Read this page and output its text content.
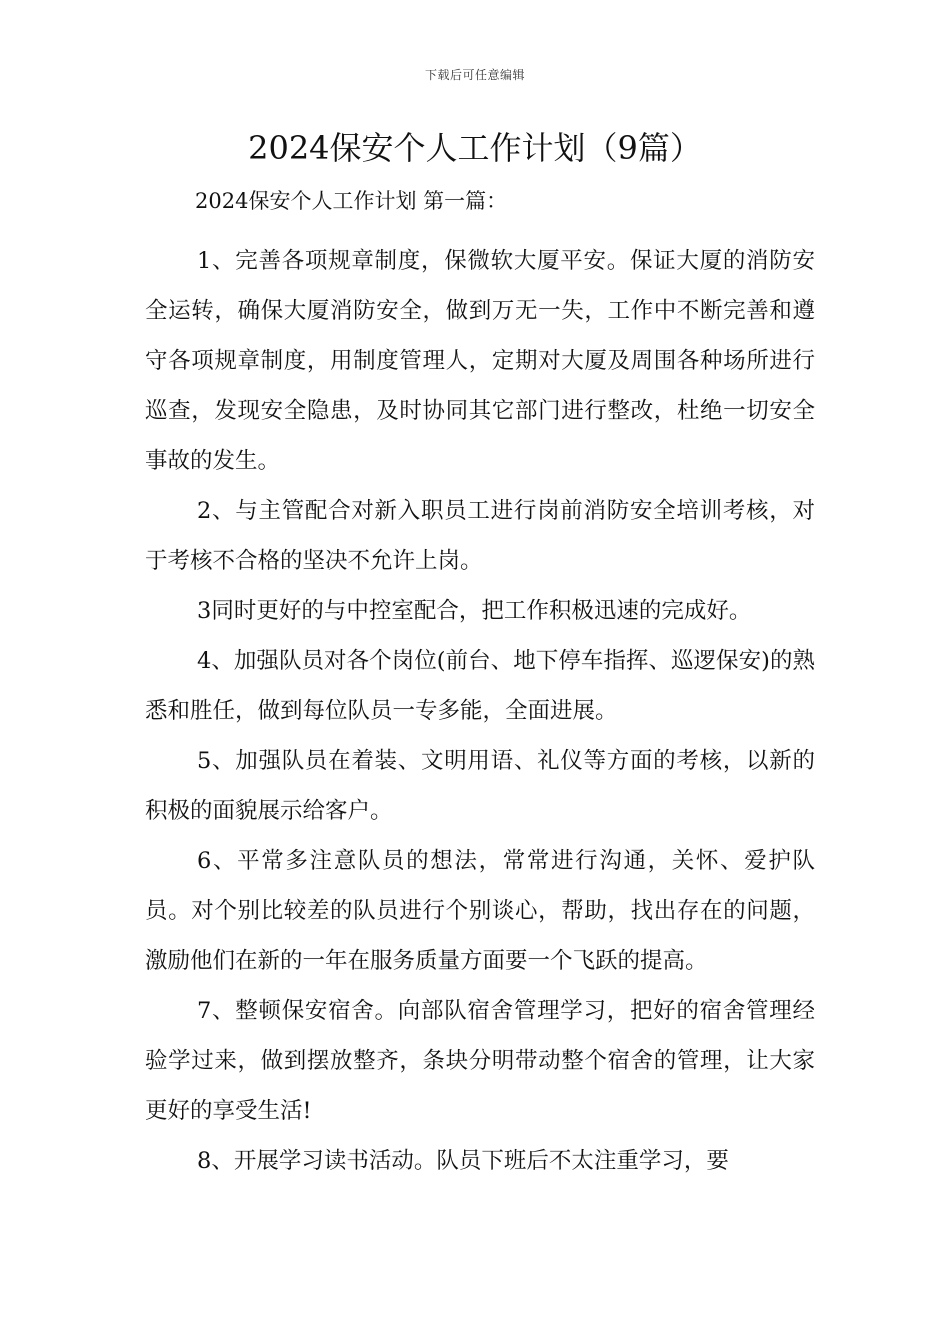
下载后可任意编辑
2024保安个人工作计划（9篇）

2024保安个人工作计划 第一篇：

1、完善各项规章制度，保微软大厦平安。保证大厦的消防安全运转，确保大厦消防安全，做到万无一失，工作中不断完善和遵守各项规章制度，用制度管理人，定期对大厦及周围各种场所进行巡查，发现安全隐患，及时协同其它部门进行整改，杜绝一切安全事故的发生。

2、与主管配合对新入职员工进行岗前消防安全培训考核，对于考核不合格的坚决不允许上岗。

3同时更好的与中控室配合，把工作积极迅速的完成好。

4、加强队员对各个岗位(前台、地下停车指挥、巡逻保安)的熟悉和胜任，做到每位队员一专多能，全面进展。

5、加强队员在着装、文明用语、礼仪等方面的考核，以新的积极的面貌展示给客户。

6、平常多注意队员的想法，常常进行沟通，关怀、爱护队员。对个别比较差的队员进行个别谈心，帮助，找出存在的问题，激励他们在新的一年在服务质量方面要一个飞跃的提高。

7、整顿保安宿舍。向部队宿舍管理学习，把好的宿舍管理经验学过来，做到摆放整齐，条块分明带动整个宿舍的管理，让大家更好的享受生活!

8、开展学习读书活动。队员下班后不太注重学习，要
